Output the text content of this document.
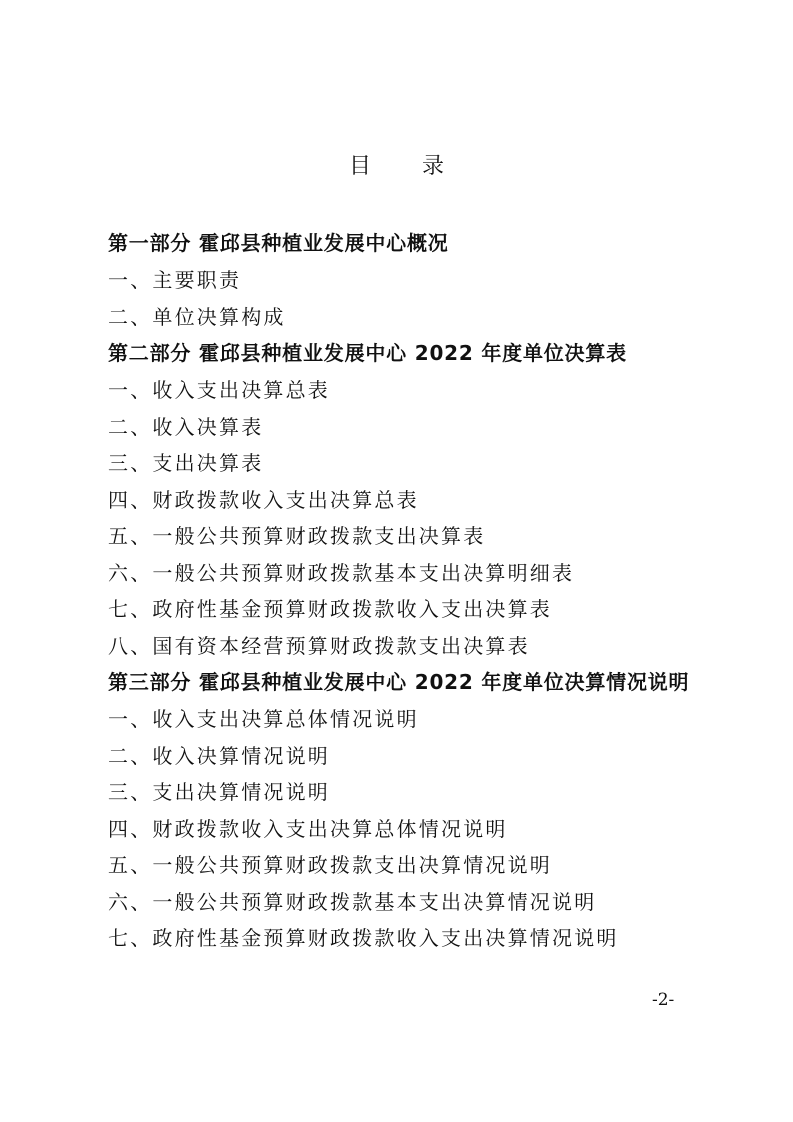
目 录
第一部分 霍邱县种植业发展中心概况
一、主要职责
二、单位决算构成
第二部分 霍邱县种植业发展中心 2022 年度单位决算表
一、收入支出决算总表
二、收入决算表
三、支出决算表
四、财政拨款收入支出决算总表
五、一般公共预算财政拨款支出决算表
六、一般公共预算财政拨款基本支出决算明细表
七、政府性基金预算财政拨款收入支出决算表
八、国有资本经营预算财政拨款支出决算表
第三部分 霍邱县种植业发展中心 2022 年度单位决算情况说明
一、收入支出决算总体情况说明
二、收入决算情况说明
三、支出决算情况说明
四、财政拨款收入支出决算总体情况说明
五、一般公共预算财政拨款支出决算情况说明
六、一般公共预算财政拨款基本支出决算情况说明
七、政府性基金预算财政拨款收入支出决算情况说明
-2-
